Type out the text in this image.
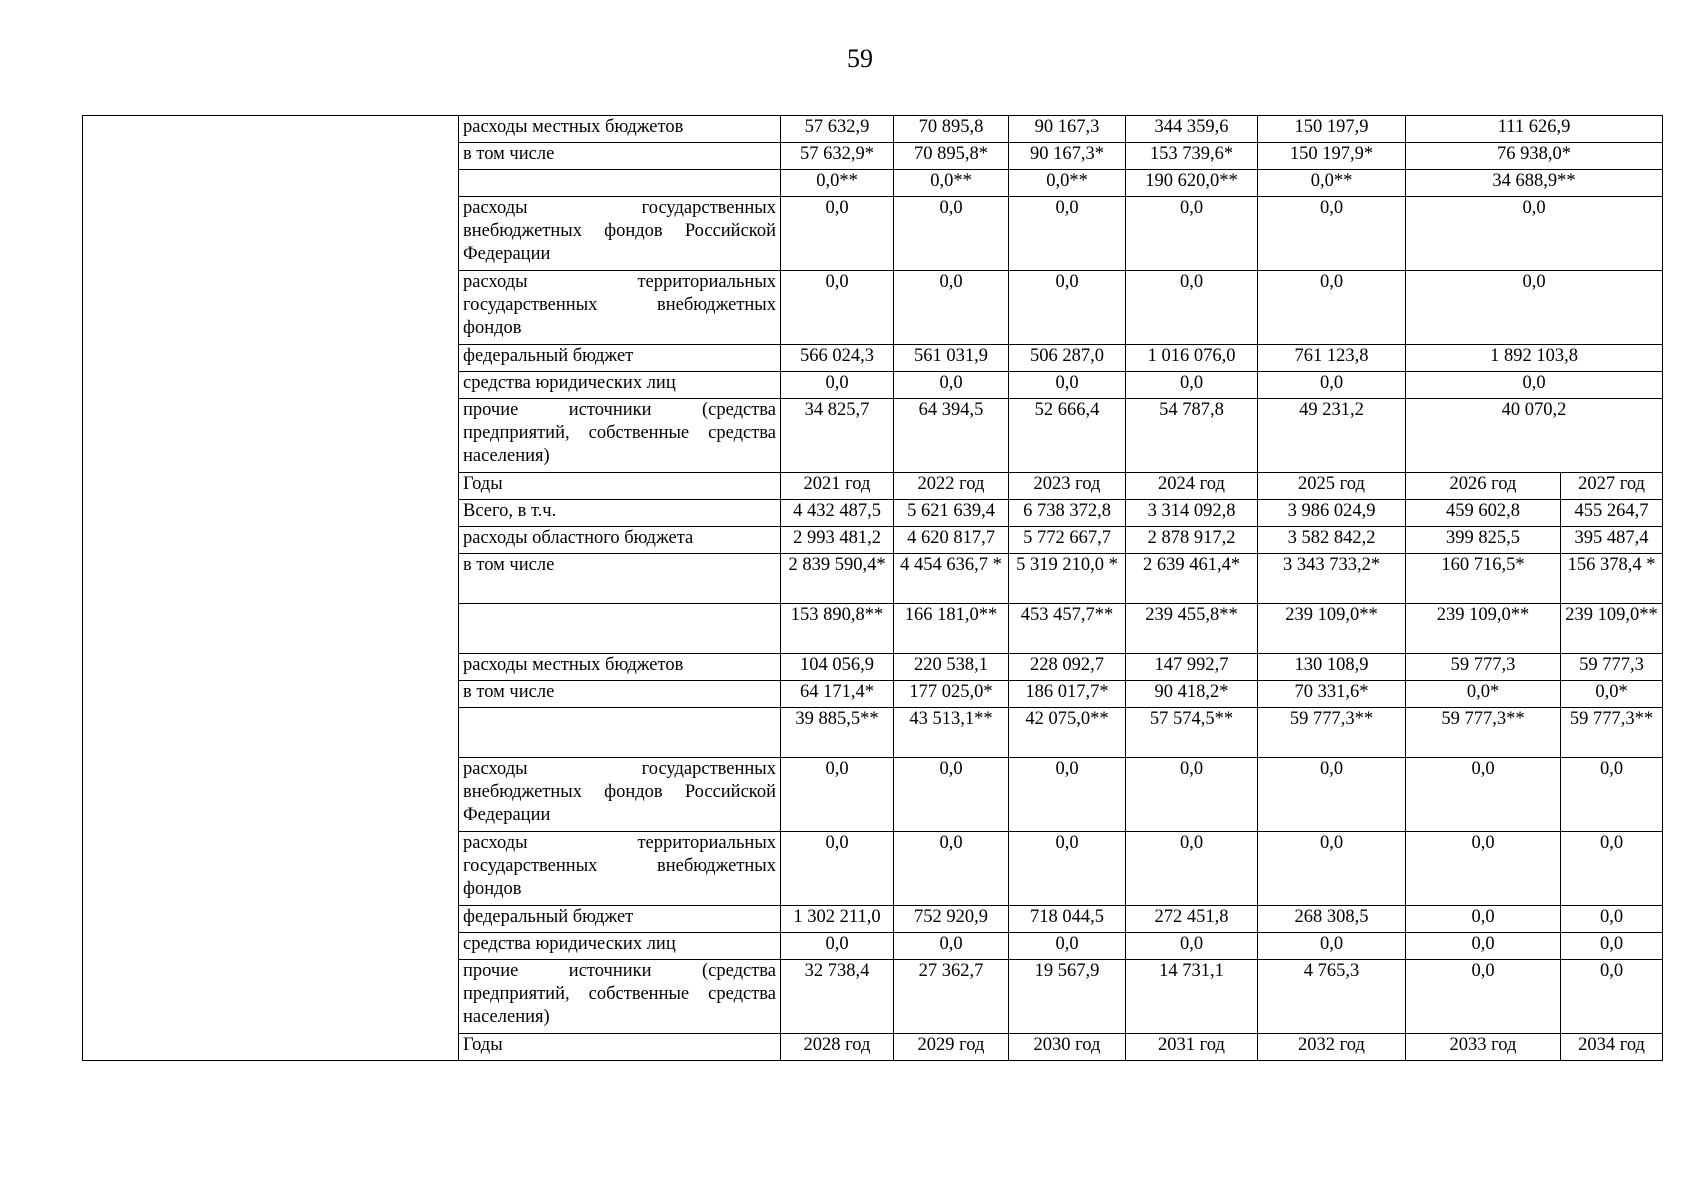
59
	расходы местных бюджетов	57 632,9	70 895,8	90 167,3	344 359,6	150 197,9	111 626,9	
	в том числе	57 632,9*	70 895,8*	90 167,3*	153 739,6*	150 197,9*	76 938,0*	
		0,0**	0,0**	0,0**	190 620,0**	0,0**	34 688,9**	
	расходы государственных внебюджетных фондов Российской Федерации	0,0	0,0	0,0	0,0	0,0	0,0	
	расходы территориальных государственных внебюджетных фондов	0,0	0,0	0,0	0,0	0,0	0,0	
	федеральный бюджет	566 024,3	561 031,9	506 287,0	1 016 076,0	761 123,8	1 892 103,8	
	средства юридических лиц	0,0	0,0	0,0	0,0	0,0	0,0	
	прочие источники (средства предприятий, собственные средства населения)	34 825,7	64 394,5	52 666,4	54 787,8	49 231,2	40 070,2	
	Годы	2021 год	2022 год	2023 год	2024 год	2025 год	2026 год	2027 год
	Всего, в т.ч.	4 432 487,5	5 621 639,4	6 738 372,8	3 314 092,8	3 986 024,9	459 602,8	455 264,7
	расходы областного бюджета	2 993 481,2	4 620 817,7	5 772 667,7	2 878 917,2	3 582 842,2	399 825,5	395 487,4
	в том числе	2 839 590,4*	4 454 636,7 *	5 319 210,0 *	2 639 461,4*	3 343 733,2*	160 716,5*	156 378,4 *
		153 890,8**	166 181,0**	453 457,7**	239 455,8**	239 109,0**	239 109,0**	239 109,0**
	расходы местных бюджетов	104 056,9	220 538,1	228 092,7	147 992,7	130 108,9	59 777,3	59 777,3
	в том числе	64 171,4*	177 025,0*	186 017,7*	90 418,2*	70 331,6*	0,0*	0,0*
		39 885,5**	43 513,1**	42 075,0**	57 574,5**	59 777,3**	59 777,3**	59 777,3**
	расходы государственных внебюджетных фондов Российской Федерации	0,0	0,0	0,0	0,0	0,0	0,0	0,0
	расходы территориальных государственных внебюджетных фондов	0,0	0,0	0,0	0,0	0,0	0,0	0,0
	федеральный бюджет	1 302 211,0	752 920,9	718 044,5	272 451,8	268 308,5	0,0	0,0
	средства юридических лиц	0,0	0,0	0,0	0,0	0,0	0,0	0,0
	прочие источники (средства предприятий, собственные средства населения)	32 738,4	27 362,7	19 567,9	14 731,1	4 765,3	0,0	0,0
	Годы	2028 год	2029 год	2030 год	2031 год	2032 год	2033 год	2034 год
